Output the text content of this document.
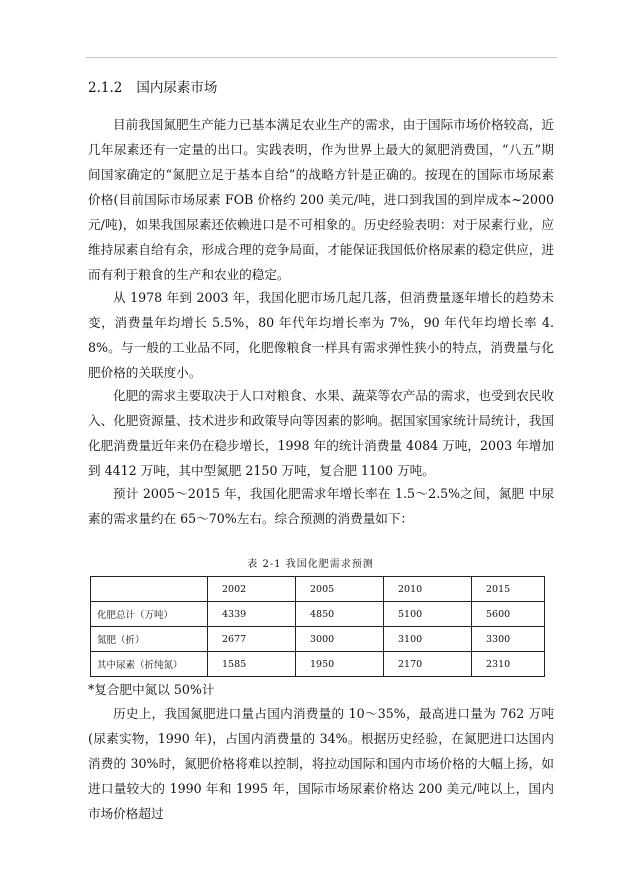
2.1.2 国内尿素市场

目前我国氮肥生产能力已基本满足农业生产的需求，由于国际市场价格较高，近几年尿素还有一定量的出口。实践表明，作为世界上最大的氮肥消费国，“八五”期间国家确定的“氮肥立足于基本自给”的战略方针是正确的。按现在的国际市场尿素价格(目前国际市场尿素 FOB 价格约 200 美元/吨，进口到我国的到岸成本~2000 元/吨)，如果我国尿素还依赖进口是不可相象的。历史经验表明：对于尿素行业，应维持尿素自给有余，形成合理的竞争局面，才能保证我国低价格尿素的稳定供应，进而有利于粮食的生产和农业的稳定。

从 1978 年到 2003 年，我国化肥市场几起几落，但消费量逐年增长的趋势未变，消费量年均增长 5.5%，80 年代年均增长率为 7%，90 年代年均增长率 4.8%。与一般的工业品不同，化肥像粮食一样具有需求弹性狭小的特点，消费量与化肥价格的关联度小。

化肥的需求主要取决于人口对粮食、水果、蔬菜等农产品的需求，也受到农民收入、化肥资源量、技术进步和政策导向等因素的影响。据国家国家统计局统计，我国化肥消费量近年来仍在稳步增长，1998 年的统计消费量 4084 万吨，2003 年增加到 4412 万吨，其中型氮肥 2150 万吨，复合肥 1100 万吨。

预计 2005～2015 年，我国化肥需求年增长率在 1.5～2.5%之间，氮肥 中尿素的需求量约在 65～70%左右。综合预测的消费量如下：

表 2-1 我国化肥需求预测
	2002	2005	2010	2015
化肥总计（万吨）	4339	4850	5100	5600
氮肥（折）	2677	3000	3100	3300
其中尿素（折纯氮）	1585	1950	2170	2310
*复合肥中氮以 50%计

历史上，我国氮肥进口量占国内消费量的 10～35%，最高进口量为 762 万吨(尿素实物，1990 年)，占国内消费量的 34%。根据历史经验，在氮肥进口达国内消费的 30%时，氮肥价格将难以控制，将拉动国际和国内市场价格的大幅上扬，如进口量较大的 1990 年和 1995 年，国际市场尿素价格达 200 美元/吨以上，国内市场价格超过
